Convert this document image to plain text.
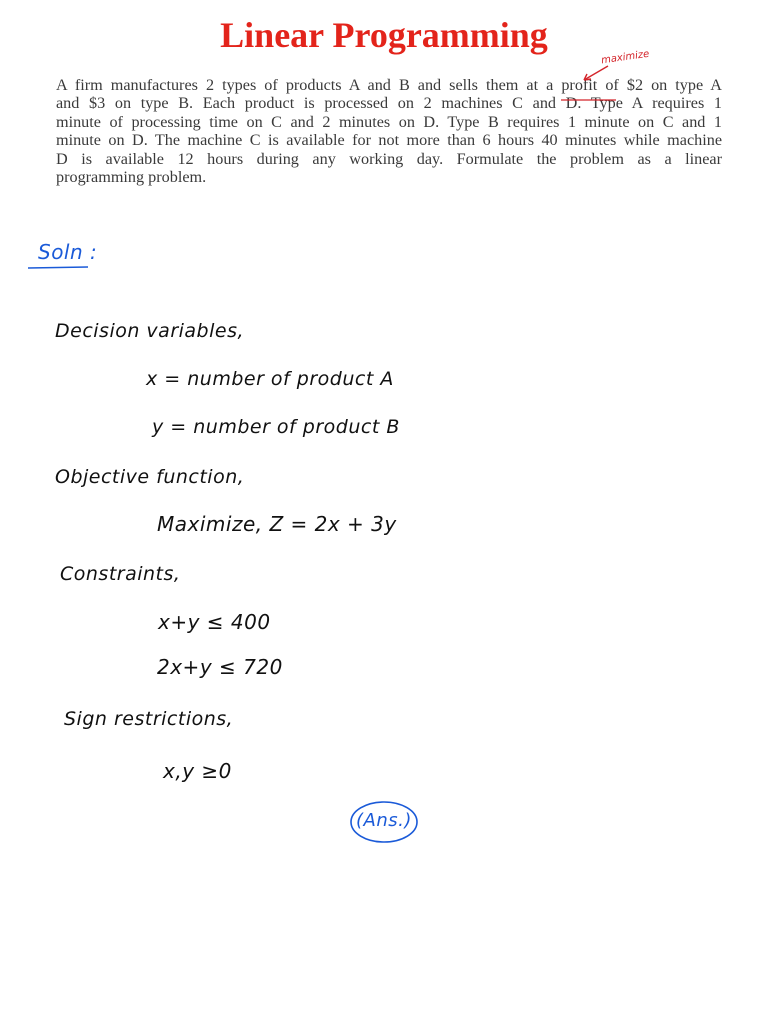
Linear Programming
A firm manufactures 2 types of products A and B and sells them at a profit of $2 on type A
and $3 on type B. Each product is processed on 2 machines C and D. Type A requires 1
minute of processing time on C and 2 minutes on D. Type B requires 1 minute on C and 1
minute on D. The machine C is available for not more than 6 hours 40 minutes while machine
D is available 12 hours during any working day. Formulate the problem as a linear
programming problem.
maximize
Soln :
Decision variables,
x = number of product A
y = number of product B
Objective function,
Maximize, Z = 2x + 3y
Constraints,
x+y ≤ 400
2x+y ≤ 720
Sign restrictions,
x,y ≥0
(Ans.)
